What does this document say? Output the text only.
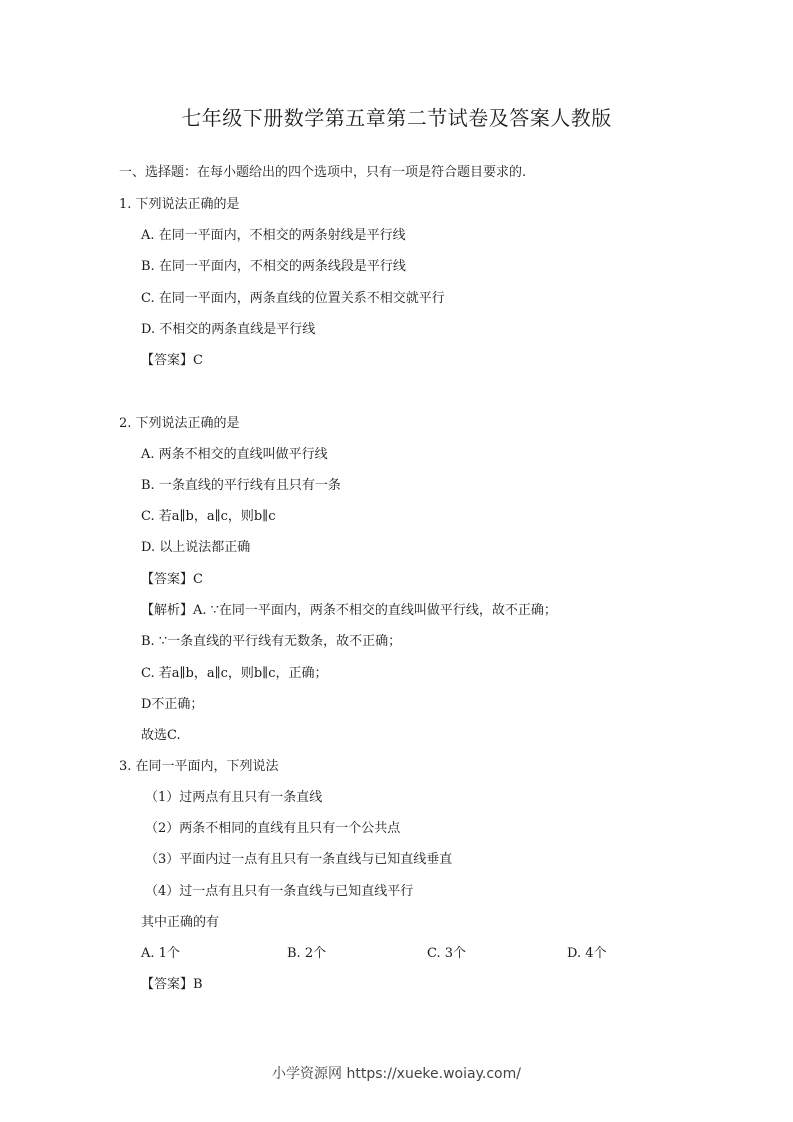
七年级下册数学第五章第二节试卷及答案人教版
一、选择题：在每小题给出的四个选项中，只有一项是符合题目要求的.
1. 下列说法正确的是
A. 在同一平面内，不相交的两条射线是平行线
B. 在同一平面内，不相交的两条线段是平行线
C. 在同一平面内，两条直线的位置关系不相交就平行
D. 不相交的两条直线是平行线
【答案】C
2. 下列说法正确的是
A. 两条不相交的直线叫做平行线
B. 一条直线的平行线有且只有一条
C. 若a∥b，a∥c，则b∥c
D. 以上说法都正确
【答案】C
【解析】A. ∵在同一平面内，两条不相交的直线叫做平行线，故不正确；
B. ∵一条直线的平行线有无数条，故不正确；
C. 若a∥b，a∥c，则b∥c，正确；
D不正确；
故选C.
3. 在同一平面内，下列说法
（1）过两点有且只有一条直线
（2）两条不相同的直线有且只有一个公共点
（3）平面内过一点有且只有一条直线与已知直线垂直
（4）过一点有且只有一条直线与已知直线平行
其中正确的有
A. 1个	B. 2个	C. 3个	D. 4个
【答案】B
小学资源网 https://xueke.woiay.com/
